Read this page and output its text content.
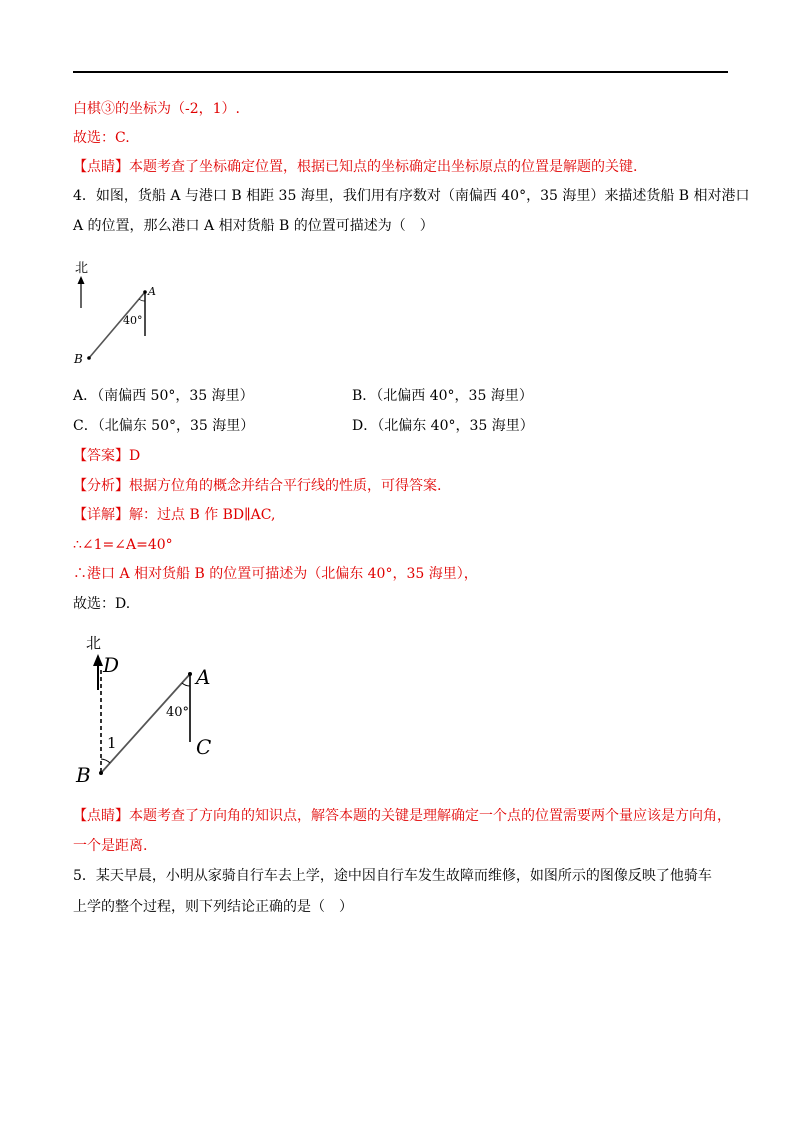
白棋③的坐标为（-2，1）.
故选：C.
【点睛】本题考查了坐标确定位置，根据已知点的坐标确定出坐标原点的位置是解题的关键.
4．如图，货船 A 与港口 B 相距 35 海里，我们用有序数对（南偏西 40°，35 海里）来描述货船 B 相对港口
A 的位置，那么港口 A 相对货船 B 的位置可描述为（　）
北
A
B
40°
A．（南偏西 50°，35 海里）	B．（北偏西 40°，35 海里）
C．（北偏东 50°，35 海里）	D．（北偏东 40°，35 海里）
【答案】D
【分析】根据方位角的概念并结合平行线的性质，可得答案.
【详解】解：过点 B 作 BD∥AC,
∴∠1=∠A=40°
∴港口 A 相对货船 B 的位置可描述为（北偏东 40°，35 海里），
故选：D.
北
D	A
C
B
40°
1
【点睛】本题考查了方向角的知识点，解答本题的关键是理解确定一个点的位置需要两个量应该是方向角，
一个是距离.
5．某天早晨，小明从家骑自行车去上学，途中因自行车发生故障而维修，如图所示的图像反映了他骑车
上学的整个过程，则下列结论正确的是（　）
